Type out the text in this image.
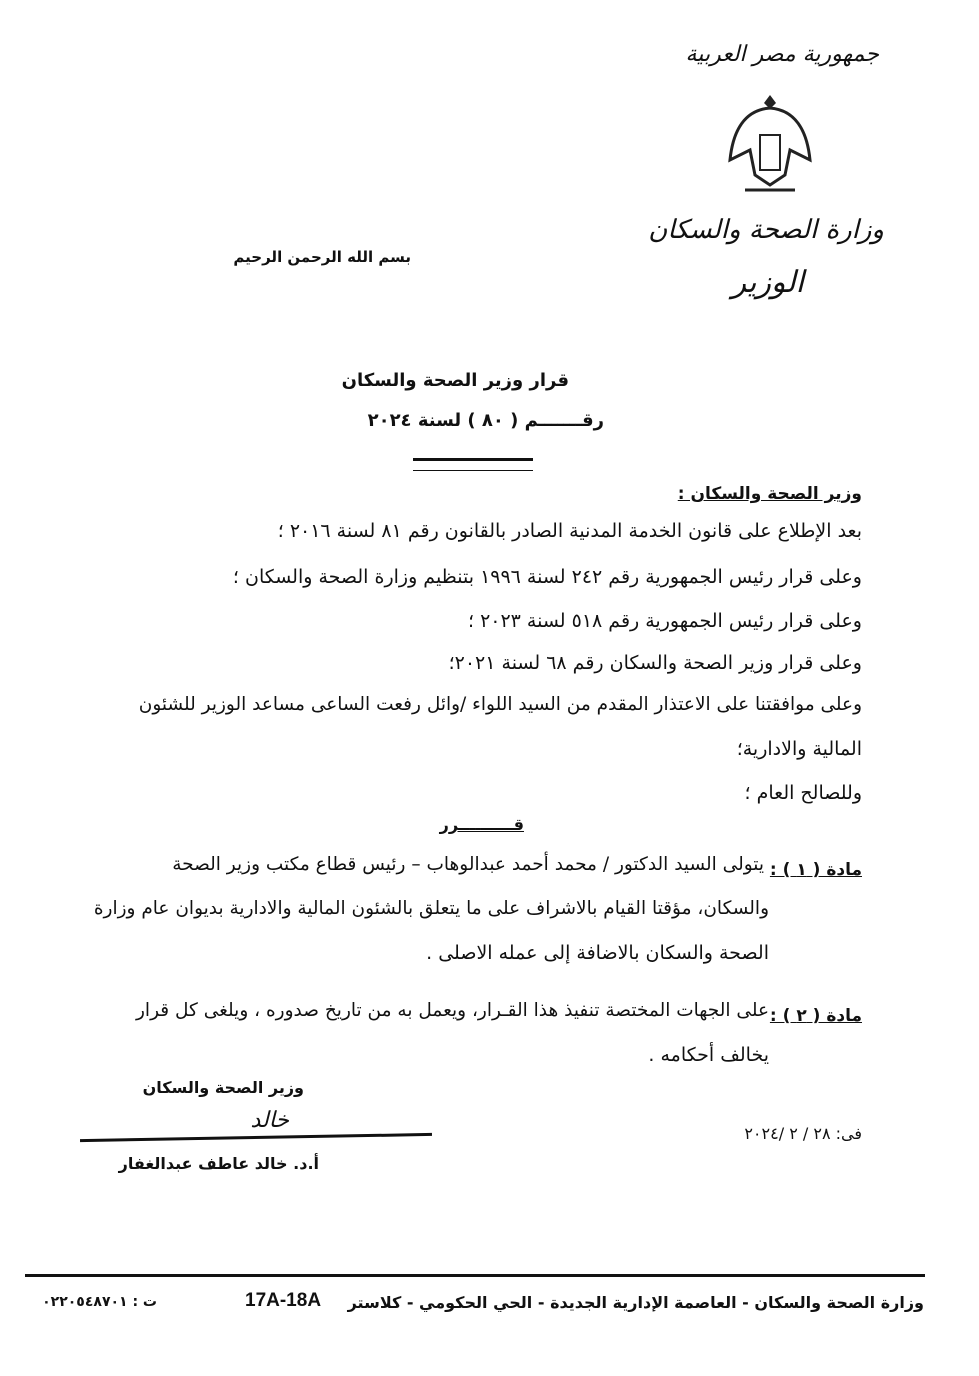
جمهورية مصر العربية
وزارة الصحة والسكان
الوزير
بسم الله الرحمن الرحيم
قرار وزير الصحة والسكان
رقـــــــم ( ٨٠ ) لسنة ٢٠٢٤
وزير الصحة والسكان :
بعد الإطلاع على قانون الخدمة المدنية الصادر بالقانون رقم ٨١ لسنة ٢٠١٦ ؛
وعلى قرار رئيس الجمهورية رقم ٢٤٢ لسنة ١٩٩٦ بتنظيم وزارة الصحة والسكان ؛
وعلى قرار رئيس الجمهورية رقم ٥١٨ لسنة ٢٠٢٣ ؛
وعلى قرار وزير الصحة والسكان رقم ٦٨ لسنة ٢٠٢١؛
وعلى موافقتنا على الاعتذار المقدم من السيد اللواء /وائل رفعت الساعى مساعد الوزير للشئون
المالية والادارية؛
وللصالح العام ؛
قــــــــــرر
مادة ( ١ ) :
يتولى السيد الدكتور / محمد أحمد عبدالوهاب – رئيس قطاع مكتب وزير الصحة
والسكان، مؤقتا القيام بالاشراف على ما يتعلق بالشئون المالية والادارية بديوان عام وزارة
الصحة والسكان بالاضافة إلى عمله الاصلى .
مادة ( ٢ ) :
على الجهات المختصة تنفيذ هذا القـرار، ويعمل به من تاريخ صدوره ، ويلغى كل قرار
يخالف أحكامه .
وزير الصحة والسكان
خالد
أ.د. خالد عاطف عبدالغفار
فى: ٢٨ / ٢ /٢٠٢٤
وزارة الصحة والسكان - العاصمة الإدارية الجديدة - الحي الحكومي - كلاستر
17A-18A
ت : ٠٢٢٠٥٤٨٧٠١
